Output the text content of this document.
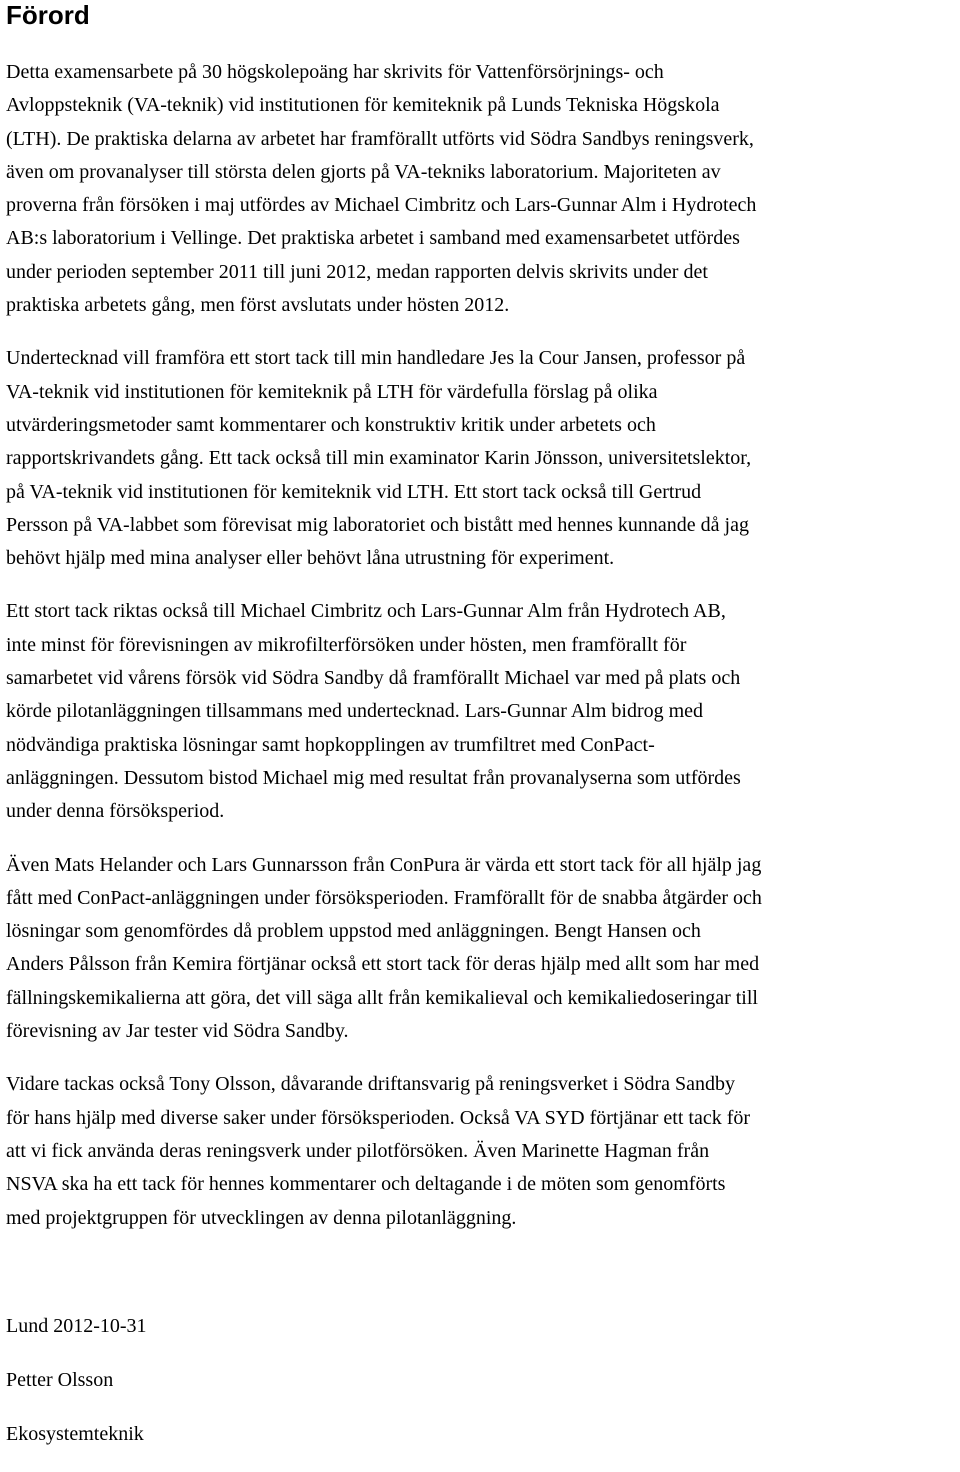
Förord

Detta examensarbete på 30 högskolepoäng har skrivits för Vattenförsörjnings- och
Avloppsteknik (VA-teknik) vid institutionen för kemiteknik på Lunds Tekniska Högskola
(LTH). De praktiska delarna av arbetet har framförallt utförts vid Södra Sandbys reningsverk,
även om provanalyser till största delen gjorts på VA-tekniks laboratorium. Majoriteten av
proverna från försöken i maj utfördes av Michael Cimbritz och Lars-Gunnar Alm i Hydrotech
AB:s laboratorium i Vellinge. Det praktiska arbetet i samband med examensarbetet utfördes
under perioden september 2011 till juni 2012, medan rapporten delvis skrivits under det
praktiska arbetets gång, men först avslutats under hösten 2012.

Undertecknad vill framföra ett stort tack till min handledare Jes la Cour Jansen, professor på
VA-teknik vid institutionen för kemiteknik på LTH för värdefulla förslag på olika
utvärderingsmetoder samt kommentarer och konstruktiv kritik under arbetets och
rapportskrivandets gång. Ett tack också till min examinator Karin Jönsson, universitetslektor,
på VA-teknik vid institutionen för kemiteknik vid LTH. Ett stort tack också till Gertrud
Persson på VA-labbet som förevisat mig laboratoriet och bistått med hennes kunnande då jag
behövt hjälp med mina analyser eller behövt låna utrustning för experiment.

Ett stort tack riktas också till Michael Cimbritz och Lars-Gunnar Alm från Hydrotech AB,
inte minst för förevisningen av mikrofilterförsöken under hösten, men framförallt för
samarbetet vid vårens försök vid Södra Sandby då framförallt Michael var med på plats och
körde pilotanläggningen tillsammans med undertecknad. Lars-Gunnar Alm bidrog med
nödvändiga praktiska lösningar samt hopkopplingen av trumfiltret med ConPact-
anläggningen. Dessutom bistod Michael mig med resultat från provanalyserna som utfördes
under denna försöksperiod.

Även Mats Helander och Lars Gunnarsson från ConPura är värda ett stort tack för all hjälp jag
fått med ConPact-anläggningen under försöksperioden. Framförallt för de snabba åtgärder och
lösningar som genomfördes då problem uppstod med anläggningen. Bengt Hansen och
Anders Pålsson från Kemira förtjänar också ett stort tack för deras hjälp med allt som har med
fällningskemikalierna att göra, det vill säga allt från kemikalieval och kemikaliedoseringar till
förevisning av Jar tester vid Södra Sandby.

Vidare tackas också Tony Olsson, dåvarande driftansvarig på reningsverket i Södra Sandby
för hans hjälp med diverse saker under försöksperioden. Också VA SYD förtjänar ett tack för
att vi fick använda deras reningsverk under pilotförsöken. Även Marinette Hagman från
NSVA ska ha ett tack för hennes kommentarer och deltagande i de möten som genomförts
med projektgruppen för utvecklingen av denna pilotanläggning.

Lund 2012-10-31

Petter Olsson

Ekosystemteknik
